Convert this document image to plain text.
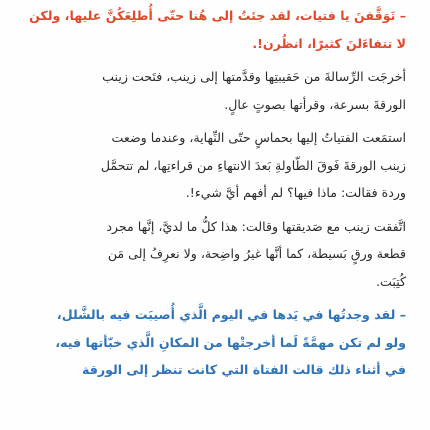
– تَوَقَّفنَ يا فتيات، لقد جئتُ إلى هُنا حتّى أُطلِعَكُنَّ عليها، ولكن
لا تتفاءَلنَ كثيرًا، انظُرن!.
أخرجَت الرِّسالةَ من حَقيبتِها وقدَّمتها إلى زينب، فتَحت زينب
الورقةَ بسرعة، وقرأتها بصوتٍ عالٍ.
استمَعت الفتياتُ إليها بحماسٍ حتّى النِّهاية، وعندما وضعت
زينب الورقةَ فَوقَ الطّاولةِ بَعدَ الانتهاءِ من قراءتِها، لم تتحمَّل
وردة فقالت: ماذا فيها؟ لم أفهم أيَّ شيء!.
اتَّفقت زينب مع صَديقتها وقالت: هذا كلُّ ما لديَّ، إنَّها مجرد
قطعة ورقٍ بَسيطة، كما أنَّها غيرُ واضِحة، ولا نعرِفُ إلى مَن
كُتِبَت.
– لقد وجدتُها في يَدها في اليوم الَّذي أُصيبَت فيه بالشَّلل،
ولو لم تكن مهمَّةً لَما أخرجتْها من المكانِ الَّذي خبّأتها فيه،
في أثناء ذلك قالت الفتاة التي كانت تنظر إلى الورقة
